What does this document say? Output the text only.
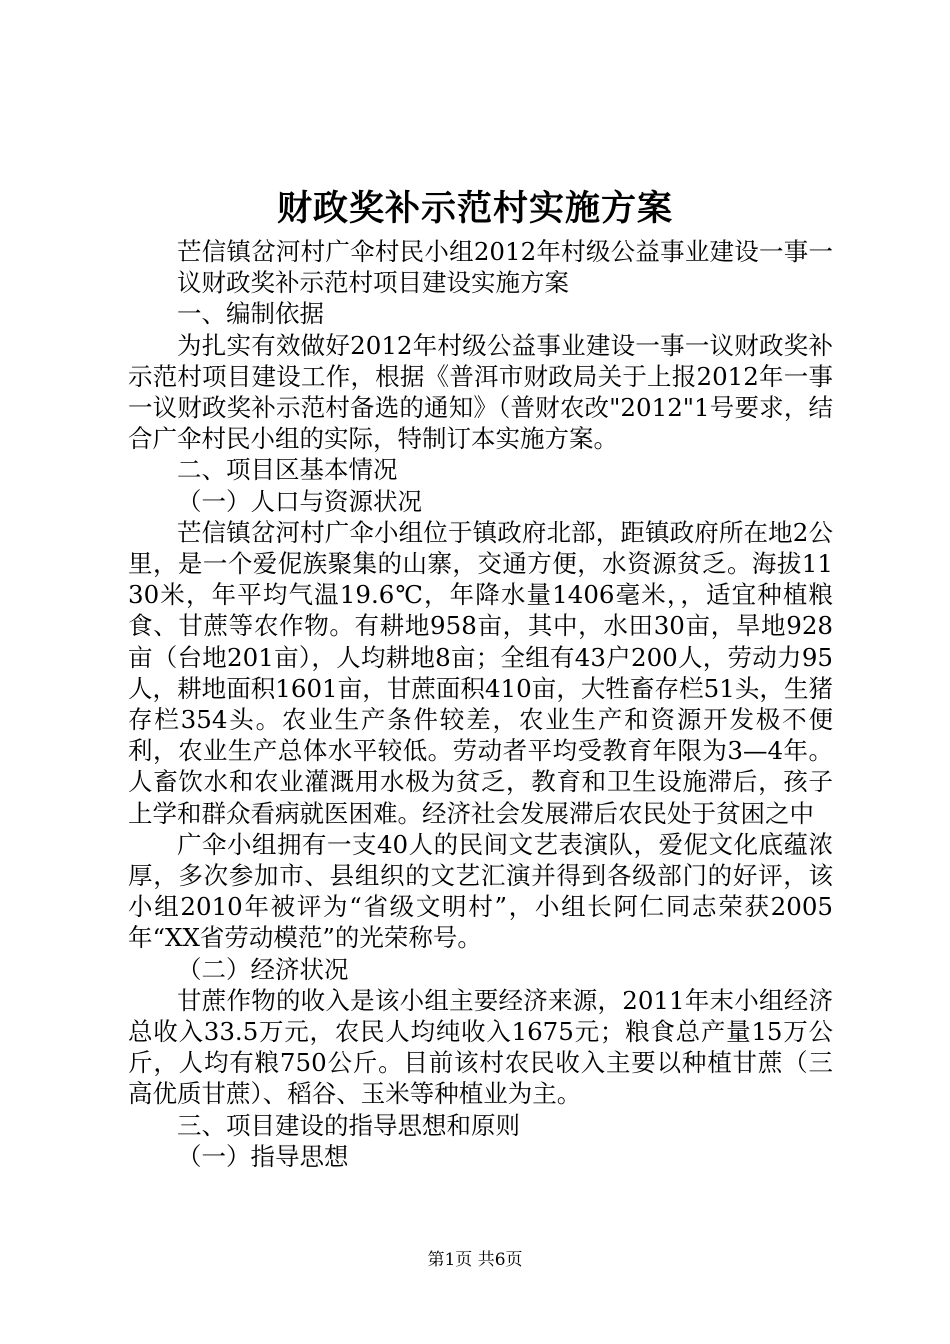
财政奖补示范村实施方案

芒信镇岔河村广伞村民小组2012年村级公益事业建设一事一议财政奖补示范村项目建设实施方案

一、编制依据

为扎实有效做好2012年村级公益事业建设一事一议财政奖补示范村项目建设工作，根据《普洱市财政局关于上报2012年一事一议财政奖补示范村备选的通知》（普财农改"2012"1号要求，结合广伞村民小组的实际，特制订本实施方案。

二、项目区基本情况

（一）人口与资源状况

芒信镇岔河村广伞小组位于镇政府北部，距镇政府所在地2公里，是一个爱伲族聚集的山寨，交通方便，水资源贫乏。海拔1130米，年平均气温19.6℃，年降水量1406毫米，，适宜种植粮食、甘蔗等农作物。有耕地958亩，其中，水田30亩，旱地928亩（台地201亩），人均耕地8亩；全组有43户200人，劳动力95人，耕地面积1601亩，甘蔗面积410亩，大牲畜存栏51头，生猪存栏354头。农业生产条件较差，农业生产和资源开发极不便利，农业生产总体水平较低。劳动者平均受教育年限为3—4年。人畜饮水和农业灌溉用水极为贫乏，教育和卫生设施滞后，孩子上学和群众看病就医困难。经济社会发展滞后农民处于贫困之中

广伞小组拥有一支40人的民间文艺表演队，爱伲文化底蕴浓厚，多次参加市、县组织的文艺汇演并得到各级部门的好评，该小组2010年被评为“省级文明村”，小组长阿仁同志荣获2005年“XX省劳动模范”的光荣称号。

（二）经济状况

甘蔗作物的收入是该小组主要经济来源，2011年末小组经济总收入33.5万元，农民人均纯收入1675元；粮食总产量15万公斤，人均有粮750公斤。目前该村农民收入主要以种植甘蔗（三高优质甘蔗）、稻谷、玉米等种植业为主。

三、项目建设的指导思想和原则

（一）指导思想

第1页 共6页
